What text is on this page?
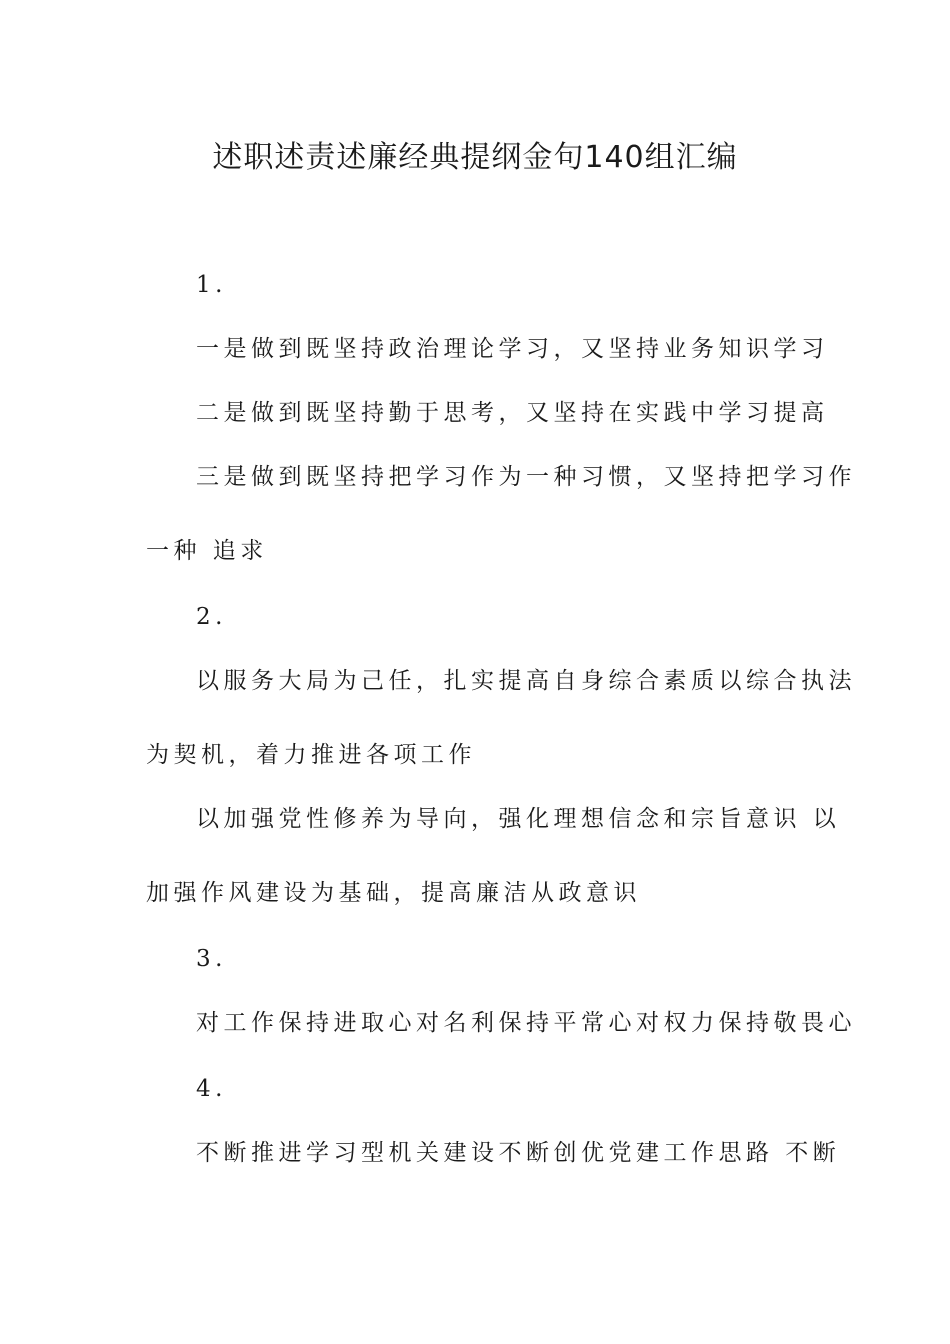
述职述责述廉经典提纲金句140组汇编
1.
一是做到既坚持政治理论学习，又坚持业务知识学习
二是做到既坚持勤于思考，又坚持在实践中学习提高
三是做到既坚持把学习作为一种习惯，又坚持把学习作
一种 追求
2.
以服务大局为己任，扎实提高自身综合素质以综合执法
为契机，着力推进各项工作
以加强党性修养为导向，强化理想信念和宗旨意识 以
加强作风建设为基础，提高廉洁从政意识
3.
对工作保持进取心对名利保持平常心对权力保持敬畏心
4.
不断推进学习型机关建设不断创优党建工作思路 不断
